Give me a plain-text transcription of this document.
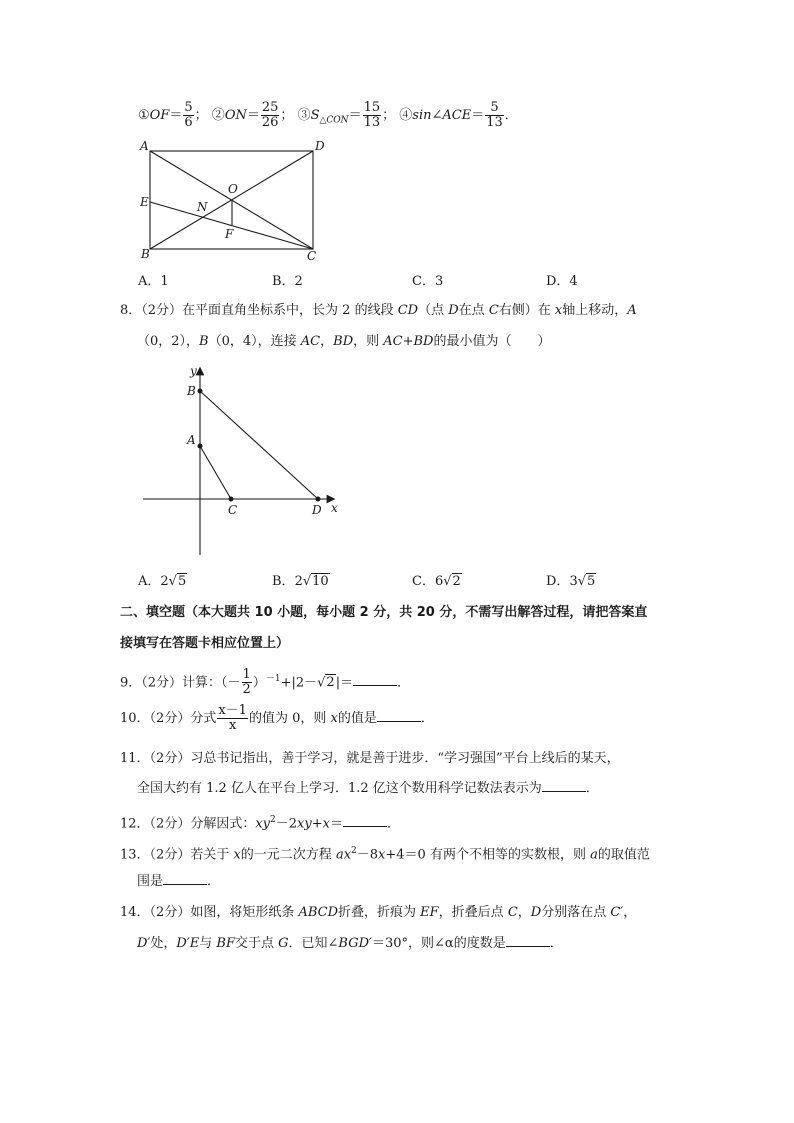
①OF＝ $\frac{5}{6}$ ； ②ON＝ $\frac{25}{26}$ ； $③S_{\triangle CON}= \frac{15}{13}$ ； ④sin∠ACE＝ $\frac{5}{13}$ ．
A	D
O
E	N
F
B	C
A．1	B．2	C．3	D．4
8．（2分）在平面直角坐标系中，长为 2 的线段 CD（点 D在点 C右侧）在 x轴上移动，A
（0，2），B（0，4），连接 AC，BD，则 AC+BD的最小值为（　　）
y
B
A
C	D x
A．2√5	B．2√10	C．6√2	D．3√5
二、填空题（本大题共 10 小题，每小题 2 分，共 20 分，不需写出解答过程，请把答案直
接填写在答题卡相应位置上）
9．（2分）计算：（－ $\frac{1}{2} )^{-1}+|2-√2|=$	．
10．（2分）分式 $\frac{x-1}{x}$ 的值为 0，则 x的值是	．
11．（2分）习总书记指出，善于学习，就是善于进步．“学习强国”平台上线后的某天，
全国大约有 1.2 亿人在平台上学习．1.2 亿这个数用科学记数法表示为	．
12．（2分）分解因式：$xy^2-2xy+x=$	．
13．（2分）若关于 x的一元二次方程 $ax^2-8x+4=0$ 有两个不相等的实数根，则 a的取值范
围是	．
14．（2分）如图，将矩形纸条 ABCD折叠，折痕为 EF，折叠后点 C，D分别落在点 C′，
D′处，D′E与 BF交于点 G．已知∠BGD′＝30°，则∠α的度数是	．
